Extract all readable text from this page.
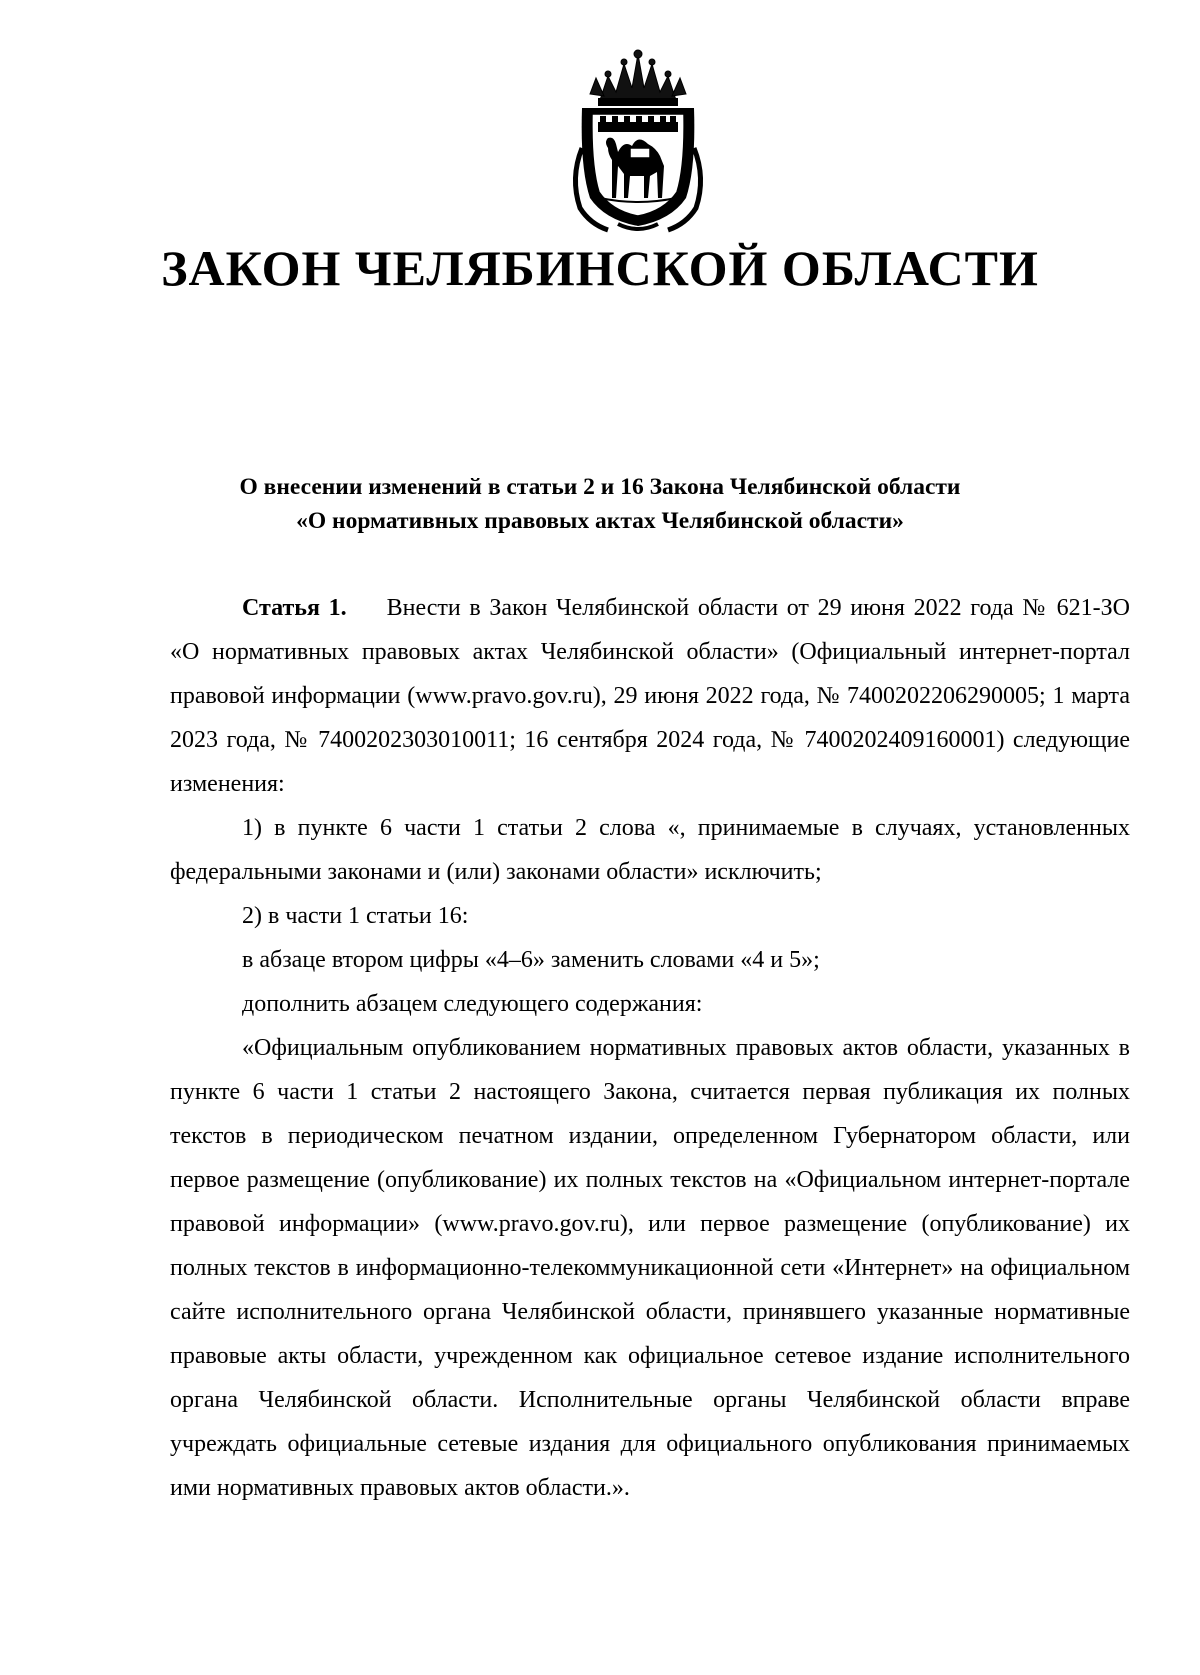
ЗАКОН ЧЕЛЯБИНСКОЙ ОБЛАСТИ
О внесении изменений в статьи 2 и 16 Закона Челябинской области
«О нормативных правовых актах Челябинской области»

Статья 1. Внести в Закон Челябинской области от 29 июня 2022 года № 621-ЗО «О нормативных правовых актах Челябинской области» (Официальный интернет-портал правовой информации (www.pravo.gov.ru), 29 июня 2022 года, № 7400202206290005; 1 марта 2023 года, № 7400202303010011; 16 сентября 2024 года, № 7400202409160001) следующие изменения:

1) в пункте 6 части 1 статьи 2 слова «, принимаемые в случаях, установленных федеральными законами и (или) законами области» исключить;

2) в части 1 статьи 16:

в абзаце втором цифры «4–6» заменить словами «4 и 5»;

дополнить абзацем следующего содержания:

«Официальным опубликованием нормативных правовых актов области, указанных в пункте 6 части 1 статьи 2 настоящего Закона, считается первая публикация их полных текстов в периодическом печатном издании, определенном Губернатором области, или первое размещение (опубликование) их полных текстов на «Официальном интернет-портале правовой информации» (www.pravo.gov.ru), или первое размещение (опубликование) их полных текстов в информационно-телекоммуникационной сети «Интернет» на официальном сайте исполнительного органа Челябинской области, принявшего указанные нормативные правовые акты области, учрежденном как официальное сетевое издание исполнительного органа Челябинской области. Исполнительные органы Челябинской области вправе учреждать официальные сетевые издания для официального опубликования принимаемых ими нормативных правовых актов области.».
